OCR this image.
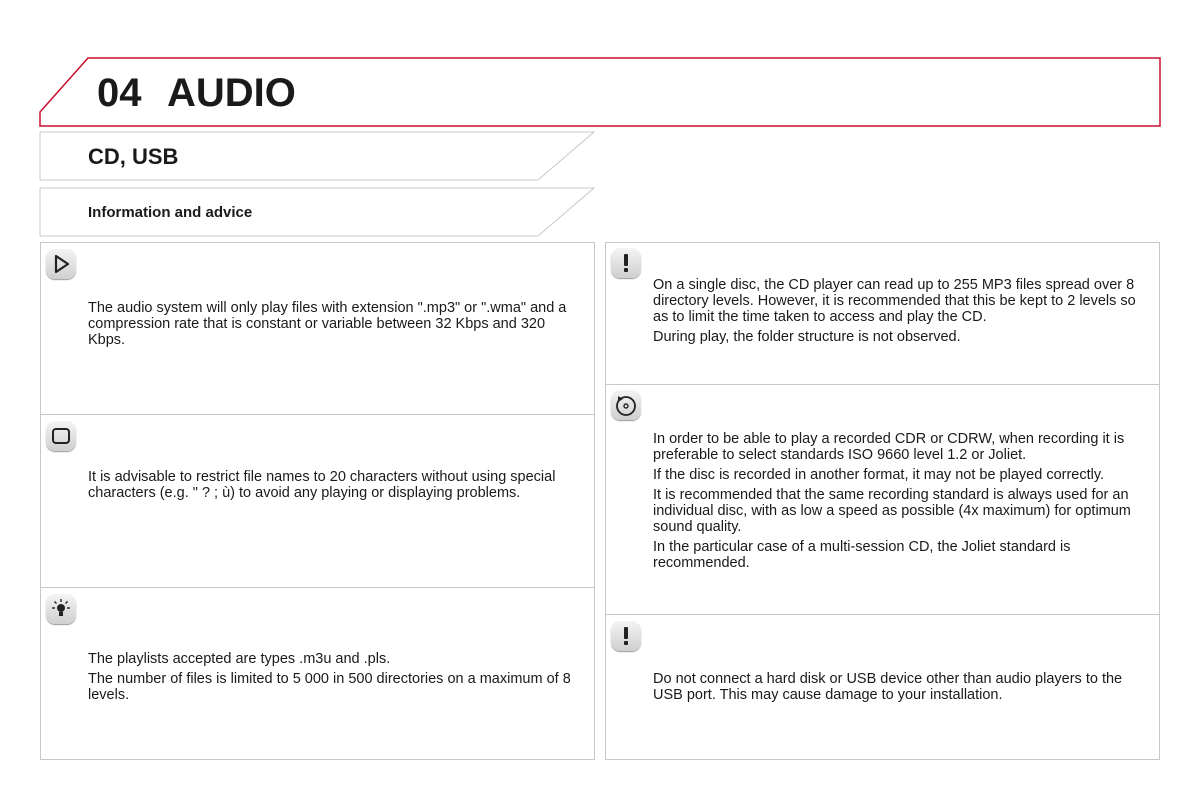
04 AUDIO
CD, USB
Information and advice

The audio system will only play files with extension ".mp3" or ".wma" and a compression rate that is constant or variable between 32 Kbps and 320 Kbps.

It is advisable to restrict file names to 20 characters without using special characters (e.g. " ? ; ù) to avoid any playing or displaying problems.

The playlists accepted are types .m3u and .pls.

The number of files is limited to 5 000 in 500 directories on a maximum of 8 levels.

On a single disc, the CD player can read up to 255 MP3 files spread over 8 directory levels. However, it is recommended that this be kept to 2 levels so as to limit the time taken to access and play the CD.

During play, the folder structure is not observed.

In order to be able to play a recorded CDR or CDRW, when recording it is preferable to select standards ISO 9660 level 1.2 or Joliet.

If the disc is recorded in another format, it may not be played correctly.

It is recommended that the same recording standard is always used for an individual disc, with as low a speed as possible (4x maximum) for optimum sound quality.

In the particular case of a multi-session CD, the Joliet standard is recommended.

Do not connect a hard disk or USB device other than audio players to the USB port. This may cause damage to your installation.
